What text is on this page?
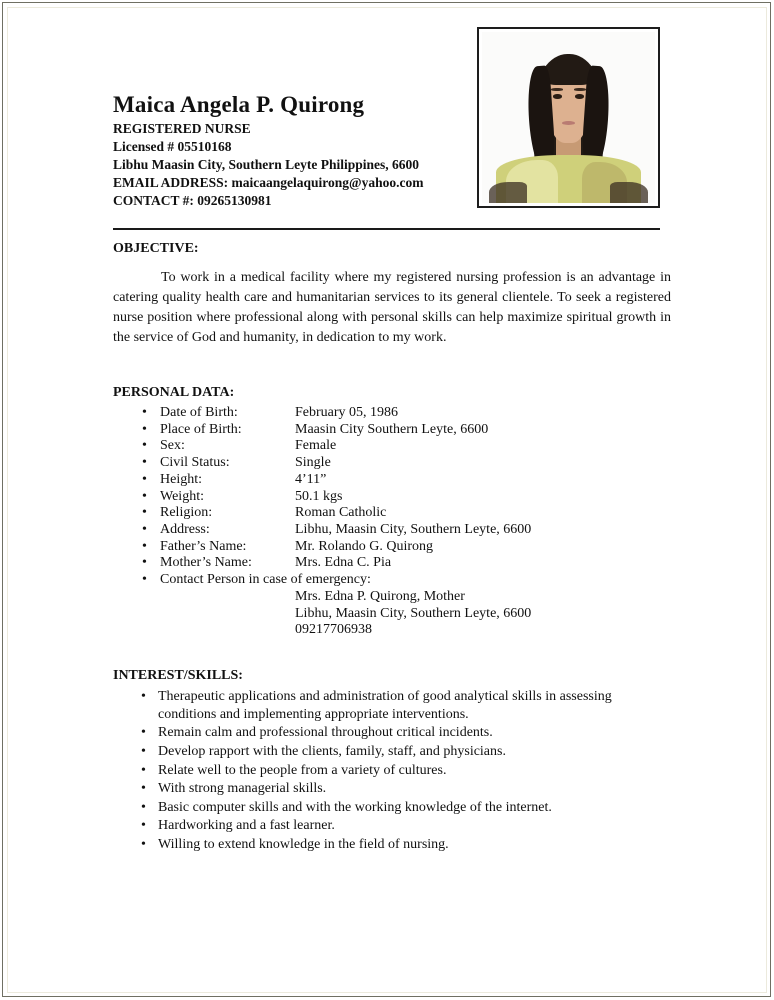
Maica Angela P. Quirong
REGISTERED NURSE
Licensed # 05510168
Libhu Maasin City, Southern Leyte Philippines, 6600
EMAIL ADDRESS: maicaangelaquirong@yahoo.com
CONTACT #: 09265130981
OBJECTIVE:

To work in a medical facility where my registered nursing profession is an advantage in catering quality health care and humanitarian services to its general clientele. To seek a registered nurse position where professional along with personal skills can help maximize spiritual growth in the service of God and humanity, in dedication to my work.

PERSONAL DATA:
• Date of Birth:	February 05, 1986
• Place of Birth:	Maasin City Southern Leyte, 6600
• Sex:	Female
• Civil Status:	Single
• Height:	4’11”
• Weight:	50.1 kgs
• Religion:	Roman Catholic
• Address:	Libhu, Maasin City, Southern Leyte, 6600
• Father’s Name:	Mr. Rolando G. Quirong
• Mother’s Name:	Mrs. Edna C. Pia
• Contact Person in case of emergency:
Mrs. Edna P. Quirong, Mother
Libhu, Maasin City, Southern Leyte, 6600
09217706938
INTEREST/SKILLS:
• Therapeutic applications and administration of good analytical skills in assessing conditions and implementing appropriate interventions.
• Remain calm and professional throughout critical incidents.
• Develop rapport with the clients, family, staff, and physicians.
• Relate well to the people from a variety of cultures.
• With strong managerial skills.
• Basic computer skills and with the working knowledge of the internet.
• Hardworking and a fast learner.
• Willing to extend knowledge in the field of nursing.
